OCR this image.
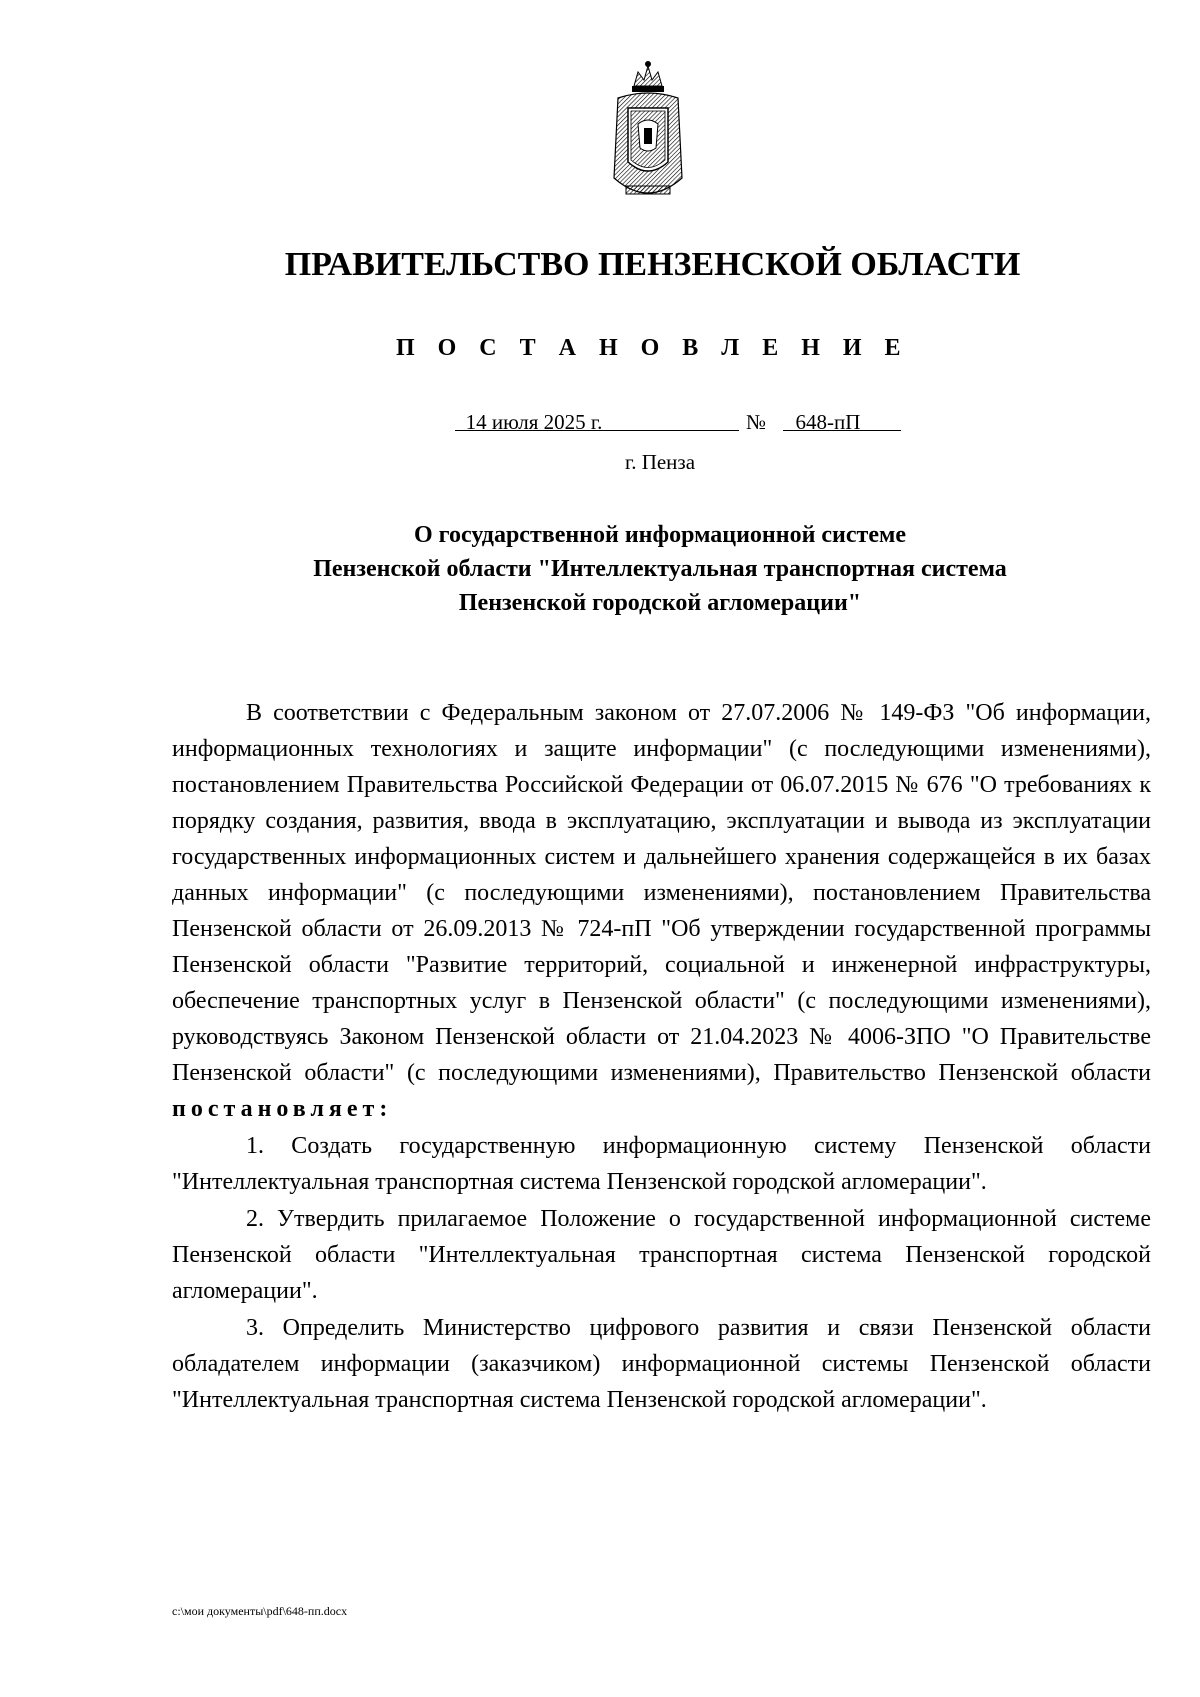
ПРАВИТЕЛЬСТВО ПЕНЗЕНСКОЙ ОБЛАСТИ
П О С Т А Н О В Л Е Н И Е
14 июля 2025 г.	№	648-пП
г. Пенза
О государственной информационной системе
Пензенской области "Интеллектуальная транспортная система
Пензенской городской агломерации"

В соответствии с Федеральным законом от 27.07.2006 № 149-ФЗ "Об информации, информационных технологиях и защите информации" (с последующими изменениями), постановлением Правительства Российской Федерации от 06.07.2015 № 676 "О требованиях к порядку создания, развития, ввода в эксплуатацию, эксплуатации и вывода из эксплуатации государственных информационных систем и дальнейшего хранения содержащейся в их базах данных информации" (с последующими изменениями), постановлением Правительства Пензенской области от 26.09.2013 № 724-пП "Об утверждении государственной программы Пензенской области "Развитие территорий, социальной и инженерной инфраструктуры, обеспечение транспортных услуг в Пензенской области" (с последующими изменениями), руководствуясь Законом Пензенской области от 21.04.2023 № 4006-ЗПО "О Правительстве Пензенской области" (с последующими изменениями), Правительство Пензенской области постановляет:

1. Создать государственную информационную систему Пензенской области "Интеллектуальная транспортная система Пензенской городской агломерации".

2. Утвердить прилагаемое Положение о государственной информационной системе Пензенской области "Интеллектуальная транспортная система Пензенской городской агломерации".

3. Определить Министерство цифрового развития и связи Пензенской области обладателем информации (заказчиком) информационной системы Пензенской области "Интеллектуальная транспортная система Пензенской городской агломерации".

c:\мои документы\pdf\648-пп.docx
